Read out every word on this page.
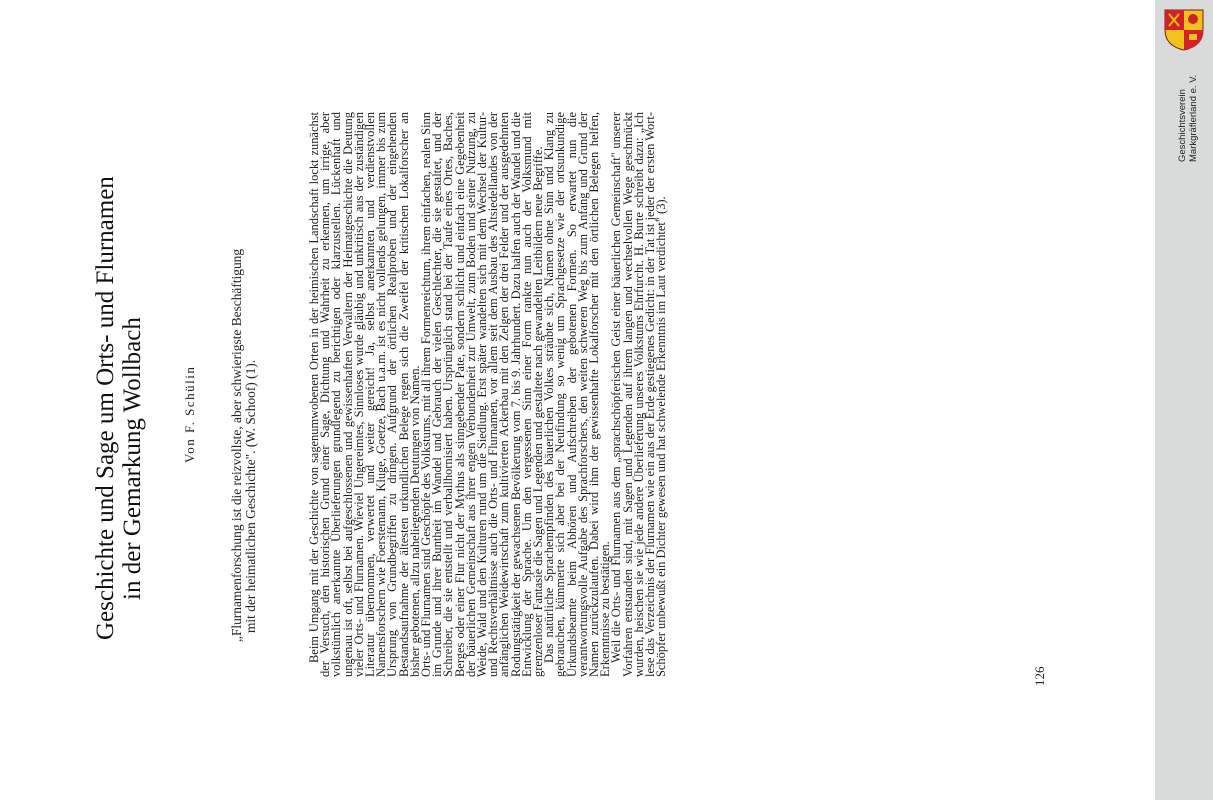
Geschichte und Sage um Orts- und Flurnamen in der Gemarkung Wollbach	Von F. Schülin „Flurnamenforschung ist die reizvollste, aber schwierigste Beschäftigung
mit der heimatlichen Geschichte". (W. Schoof) (1).	Beim Umgang mit der Geschichte von sagenumwobenen Orten in der heimischen Landschaft lockt zunächst der Versuch, den historischen Grund einer Sage, Dichtung und Wahrheit zu erkennen, um irrige, aber volkstümlich anerkannte Überlieferungen grundlegend zu berichtigen oder klarzustellen. Lückenhaft und ungenau ist oft, selbst bei aufgeschlossenen und gewissenhaften Verwaltern der Heimatgeschichte die Deutung vieler Orts- und Flurnamen. Wieviel Ungereimtes, Sinnloses wurde gläubig und unkritisch aus der zuständigen Literatur übernommen, verwertet und weiter gereicht! Ja, selbst anerkannten und verdienstvollen Namensforschern wie Foerstemann, Kluge, Goetze, Bach u.a.m. ist es nicht vollends gelungen, immer bis zum Ursprung von Grundbegriffen zu dringen. Aufgrund der örtlichen Realproben und der eingehenden Bestandsaufnahme der ältesten urkundlichen Belege regen sich die Zweifel der kritischen Lokalforscher an bisher gebotenen, allzu naheliegenden Deutungen von Namen.

Orts- und Flurnamen sind Geschöpfe des Volkstums, mit all ihrem Formenreichtum, ihrem einfachen, realen Sinn im Grunde und ihrer Buntheit im Wandel und Gebrauch der vielen Geschlechter, die sie gestaltet, und der Schreiber, die sie entstellt und verballhornisiert haben. Ursprünglich stand bei der Taufe eines Ortes, Baches, Berges oder einer Flur nicht der Mythus als sinngebender Pate, sondern schlicht und einfach eine Gegebenheit der bäuerlichen Gemeinschaft aus ihrer engen Verbundenheit zur Umwelt, zum Boden und seiner Nutzung, zu Weide, Wald und den Kulturen rund um die Siedlung. Erst später wandelten sich mit dem Wechsel der Kultur- und Rechtsverhältnisse auch die Orts- und Flurnamen, vor allem seit dem Ausbau des Altsiedellandes von der anfänglichen Weidewirtschaft zum kultivierten Ackerbau mit den Zelgen der drei Felder und der ausgedehnten Rodungstätigkeit der gewachsenen Bevölkerung vom 7. bis 9. Jahrhundert. Dazu halfen auch der Wandel und die Entwicklung der Sprache. Um den vergessenen Sinn einer Form rankte nun auch der Volksmund mit grenzenloser Fantasie die Sagen und Legenden und gestaltete nach gewandelten Leitbildern neue Begriffe.

Das natürliche Sprachempfinden des bäuerlichen Volkes sträubte sich, Namen ohne Sinn und Klang zu gebrauchen, kümmerte sich aber bei der Neufindung so wenig um Sprachgesetze wie der ortsunkundige Urkundsbeamte beim Abhören und Aufschreiben der gebotenen Formen. So erwartet nun die verantwortungsvolle Aufgabe des Sprachforschers, den weiten schweren Weg bis zum Anfang und Grund der Namen zurückzulaufen. Dabei wird ihm der gewissenhafte Lokalforscher mit den örtlichen Belegen helfen, Erkenntnisse zu bestätigen.

Weil die Orts- und Flurnamen aus dem „sprachschöpferischen Geist einer bäuerlichen Gemeinschaft" unserer Vorfahren entstanden sind, mit Sagen und Legenden auf ihrem langen und wechselvollen Wege geschmückt wurden, heischen sie wie jede andere Überlieferung unseres Volkstums Ehrfurcht. H. Burte schreibt dazu: „Ich lese das Verzeichnis der Flurnamen wie ein aus der Erde gestiegenes Gedicht: in der Tat ist jeder der ersten Wort-Schöpfer unbewußt ein Dichter gewesen und hat schwelende Erkenntnis im Laut verdichtet" (3).	126
Geschichtsverein Markgräflerland e. V.
